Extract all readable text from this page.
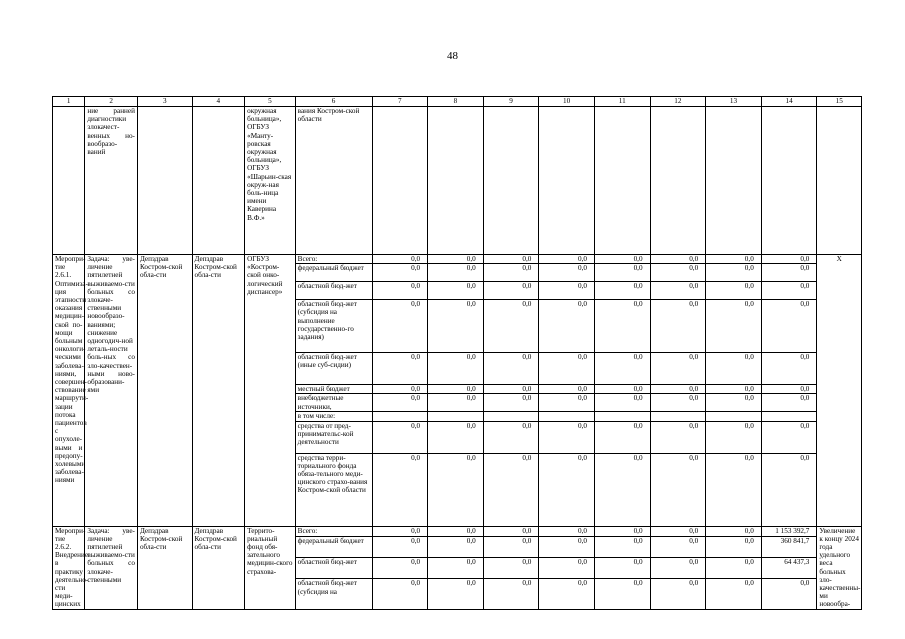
48
1	2	3	4	5	6	7	8	9	10	11	12	13	14	15
	ние ранней диагностики злокачест-венных но-вообразо-ваний			окружная больница», ОГБУЗ «Манту-ровская окружная больница», ОГБУЗ «Шарьин-ская окруж-ная боль-ница имени Каверина В.Ф.»	вания Костром-ской области									
Меропри-тие 2.6.1. Оптимиза-ция этапности оказания медицин-ской по-мощи больным онкологи-ческими заболева-ниями, совершен-ствование маршрути-зации потока пациентов с опухоле-выми и предопу-холевыми заболева-ниями	Задача: уве-личение пятилетней выживаемо-сти больных со злокаче-ственными новообразо-ваниями; снижение одногодич-ной леталь-ности боль-ных со зло-качествен-ными ново-образовани-ями	Депздрав Костром-ской обла-сти	Депздрав Костром-ской обла-сти	ОГБУЗ «Костром-ской онко-логический диспансер»	Всего:	0,0	0,0	0,0	0,0	0,0	0,0	0,0	0,0	Х
					федеральный бюджет	0,0	0,0	0,0	0,0	0,0	0,0	0,0	0,0	
					областной бюд-жет	0,0	0,0	0,0	0,0	0,0	0,0	0,0	0,0	
					областной бюд-жет (субсидия на выполнение государственно-го задания)	0,0	0,0	0,0	0,0	0,0	0,0	0,0	0,0	
					областной бюд-жет (иные суб-сидии)	0,0	0,0	0,0	0,0	0,0	0,0	0,0	0,0	
					местный бюджет	0,0	0,0	0,0	0,0	0,0	0,0	0,0	0,0	
					внебюджетные источники,	0,0	0,0	0,0	0,0	0,0	0,0	0,0	0,0	
					в том числе:									
					средства от пред-принимательс-кой деятельности	0,0	0,0	0,0	0,0	0,0	0,0	0,0	0,0	
					средства терри-ториального фонда обяза-тельного меди-цинского страхо-вания Костром-ской области	0,0	0,0	0,0	0,0	0,0	0,0	0,0	0,0	
Меропри-тие 2.6.2. Внедрение в практику деятельно-сти меди-цинских	Задача: уве-личение пятилетней выживаемо-сти больных со злокаче-ственными	Депздрав Костром-ской обла-сти	Депздрав Костром-ской обла-сти	Террито-риальный фонд обя-зательного медицин-ского страхова-	Всего:	0,0	0,0	0,0	0,0	0,0	0,0	0,0	1 153 392,7	Увеличение к концу 2024 года удельного веса больных зло-качественны-ми новообра-
					федеральный бюджет	0,0	0,0	0,0	0,0	0,0	0,0	0,0	360 841,7	
					областной бюд-жет	0,0	0,0	0,0	0,0	0,0	0,0	0,0	64 437,3	
					областной бюд-жет (субсидия на	0,0	0,0	0,0	0,0	0,0	0,0	0,0	0,0	
